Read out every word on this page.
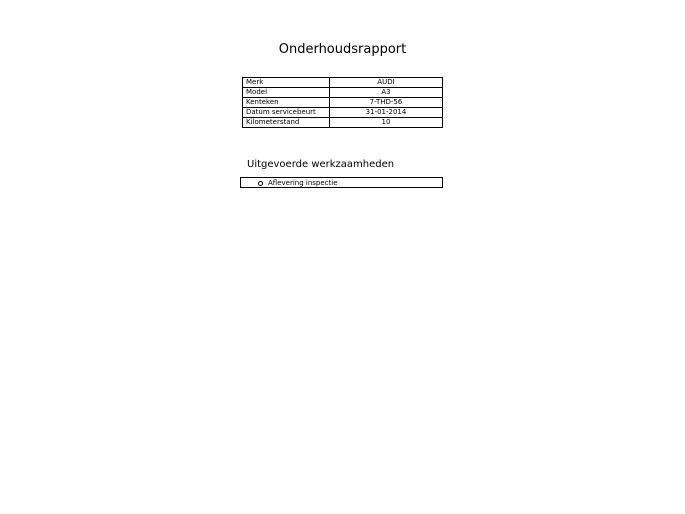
Onderhoudsrapport
Merk	AUDI
Model	A3
Kenteken	7-THD-56
Datum servicebeurt	31-01-2014
Kilometerstand	10
Uitgevoerde werkzaamheden
Aflevering inspectie
